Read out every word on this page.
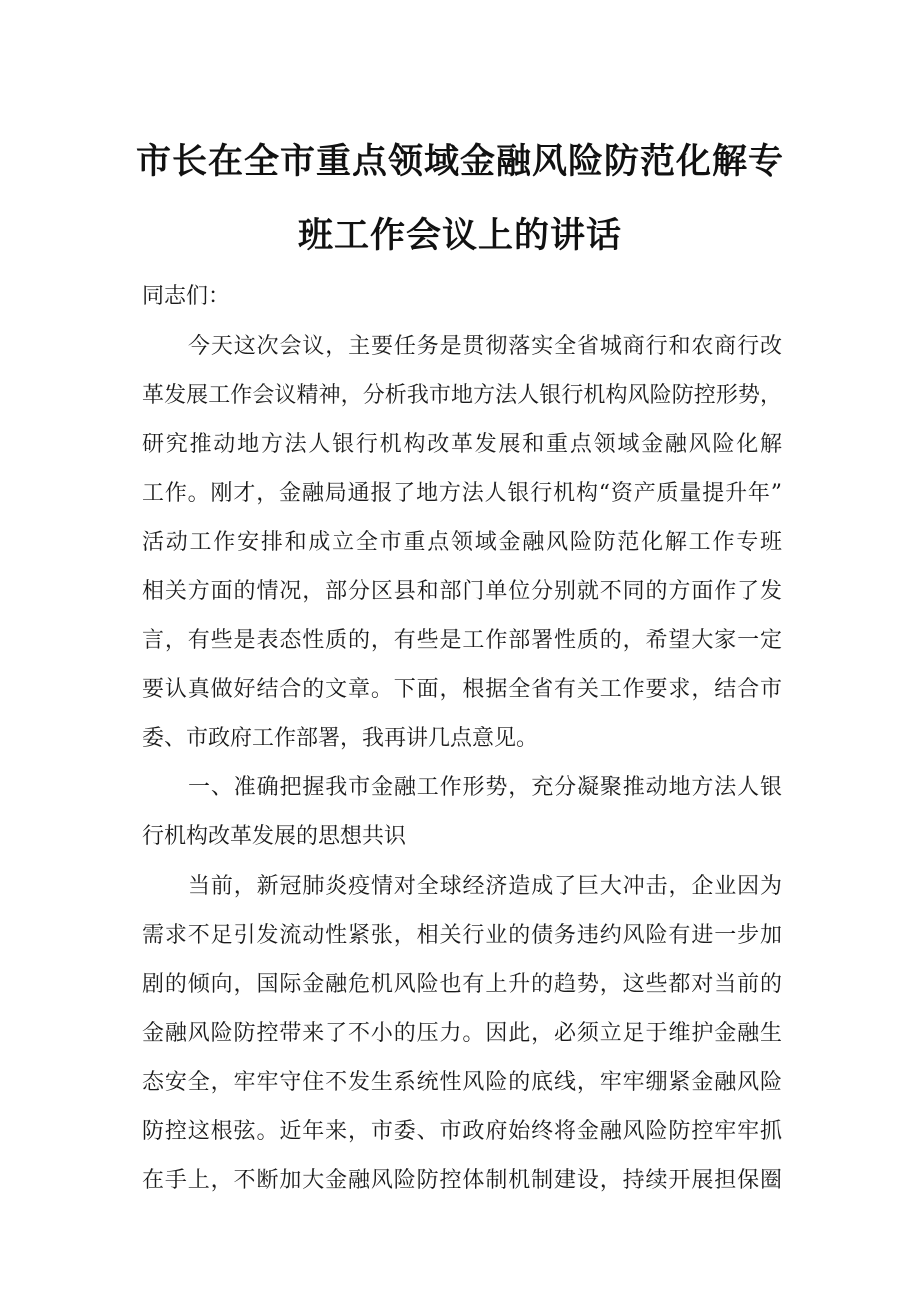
市长在全市重点领域金融风险防范化解专
班工作会议上的讲话

同志们：

今天这次会议，主要任务是贯彻落实全省城商行和农商行改

革发展工作会议精神，分析我市地方法人银行机构风险防控形势，

研究推动地方法人银行机构改革发展和重点领域金融风险化解

工作。刚才，金融局通报了地方法人银行机构“资产质量提升年”

活动工作安排和成立全市重点领域金融风险防范化解工作专班

相关方面的情况，部分区县和部门单位分别就不同的方面作了发

言，有些是表态性质的，有些是工作部署性质的，希望大家一定

要认真做好结合的文章。下面，根据全省有关工作要求，结合市

委、市政府工作部署，我再讲几点意见。

一、准确把握我市金融工作形势，充分凝聚推动地方法人银

行机构改革发展的思想共识

当前，新冠肺炎疫情对全球经济造成了巨大冲击，企业因为

需求不足引发流动性紧张，相关行业的债务违约风险有进一步加

剧的倾向，国际金融危机风险也有上升的趋势，这些都对当前的

金融风险防控带来了不小的压力。因此，必须立足于维护金融生

态安全，牢牢守住不发生系统性风险的底线，牢牢绷紧金融风险

防控这根弦。近年来，市委、市政府始终将金融风险防控牢牢抓

在手上，不断加大金融风险防控体制机制建设，持续开展担保圈
